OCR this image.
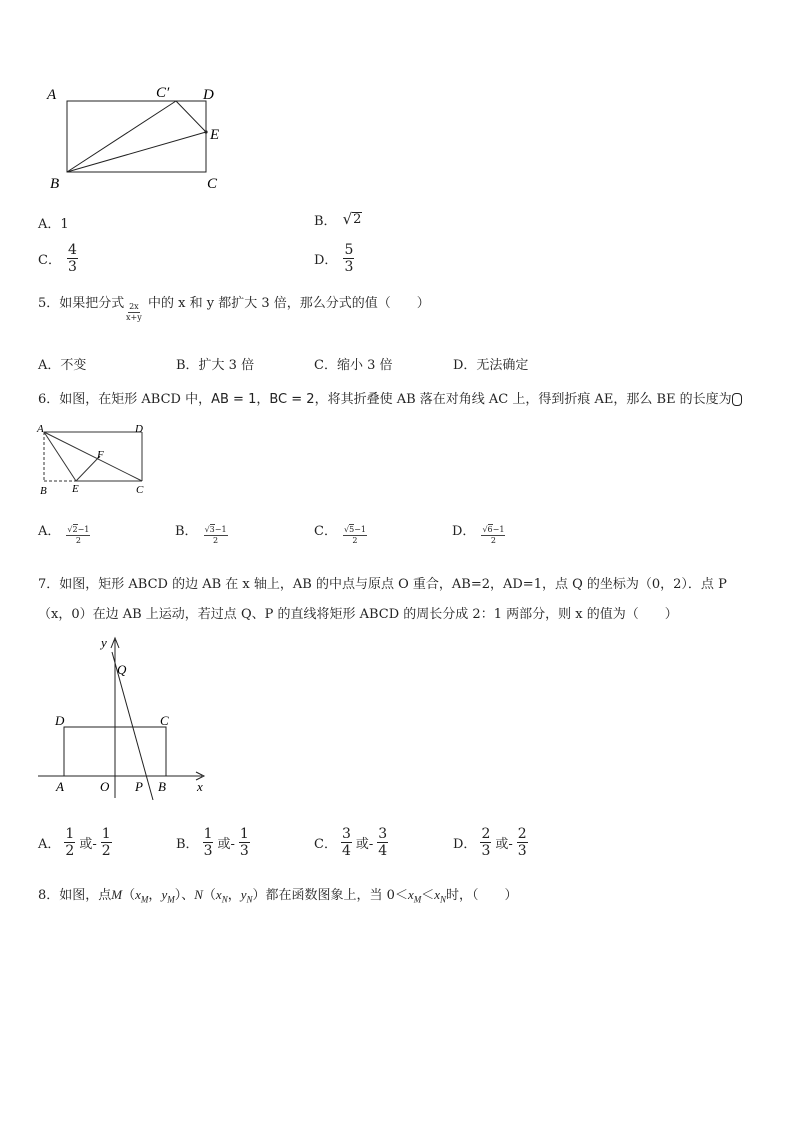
A	C′ D
E
B	C
A．1	B． √ 2
C． $\frac{4}{3}$	D． $\frac{5}{3}$
5．如果把分式 $\frac{2x}{x+y}$ 中的 x 和 y 都扩大 3 倍，那么分式的值（　　）
A．不变	B．扩大 3 倍	C．缩小 3 倍	D．无法确定
6．如图，在矩形 ABCD 中，AB = 1，BC = 2，将其折叠使 AB 落在对角线 AC 上，得到折痕 AE，那么 BE 的长度为
A	D
F
B E	C
A． $\frac{√2-1}{2}$	B． $\frac{√3-1}{2}$	C． $\frac{√5-1}{2}$	D． $\frac{√6-1}{2}$
7．如图，矩形 ABCD 的边 AB 在 x 轴上，AB 的中点与原点 O 重合，AB=2，AD=1，点 Q 的坐标为（0，2）．点 P
（x，0）在边 AB 上运动，若过点 Q、P 的直线将矩形 ABCD 的周长分成 2：1 两部分，则 x 的值为（　　）
y
Q
D	C
A	O P B x
A． $\frac{1}{2}$ 或- $\frac{1}{2}$	B． $\frac{1}{3}$ 或- $\frac{1}{3}$	C． $\frac{3}{4}$ 或- $\frac{3}{4}$	D． $\frac{2}{3}$ 或- $\frac{2}{3}$
8．如图，点$M(x_M$，$y_M$）、$N(x_N$，$y_N$）都在函数图象上，当 $0<x_M<x_N$时，（　　）
